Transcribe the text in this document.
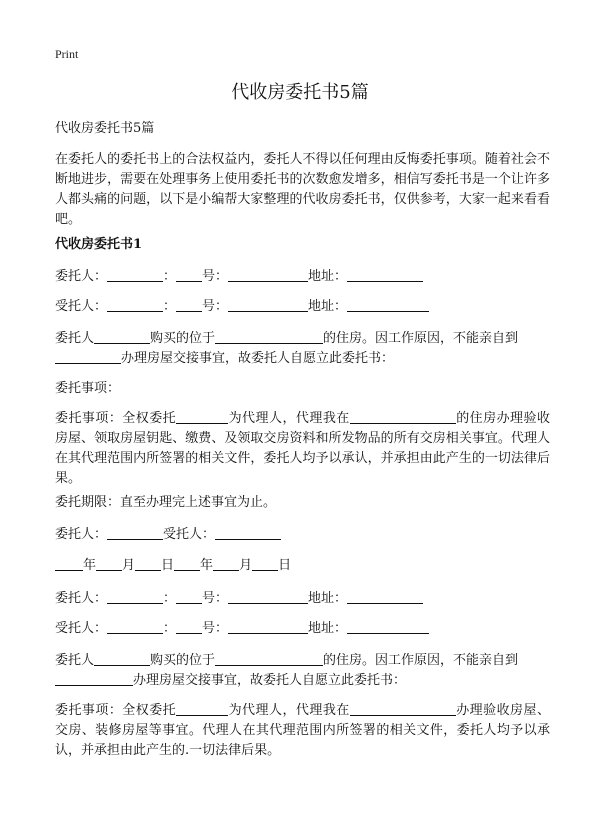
Print
代收房委托书5篇

代收房委托书5篇

在委托人的委托书上的合法权益内，委托人不得以任何理由反悔委托事项。随着社会不断地进步，需要在处理事务上使用委托书的次数愈发增多，相信写委托书是一个让许多人都头痛的问题，以下是小编帮大家整理的代收房委托书，仅供参考，大家一起来看看吧。

代收房委托书1

委托人：	： 号：	地址：

受托人：	： 号：	地址：

委托人	购买的位于	的住房。因工作原因，不能亲自到

办理房屋交接事宜，故委托人自愿立此委托书：

委托事项：

委托事项：全权委托	为代理人，代理我在	的住房办理验收房屋、领取房屋钥匙、缴费、及领取交房资料和所发物品的所有交房相关事宜。代理人在其代理范围内所签署的相关文件，委托人均予以承认，并承担由此产生的一切法律后果。

委托期限：直至办理完上述事宜为止。

委托人：	受托人：

年 月 日 年 月 日

委托人：	： 号：	地址：

受托人：	： 号：	地址：

委托人	购买的位于	的住房。因工作原因，不能亲自到

办理房屋交接事宜，故委托人自愿立此委托书：

委托事项：全权委托	为代理人，代理我在	办理验收房屋、交房、装修房屋等事宜。代理人在其代理范围内所签署的相关文件，委托人均予以承认，并承担由此产生的.一切法律后果。
